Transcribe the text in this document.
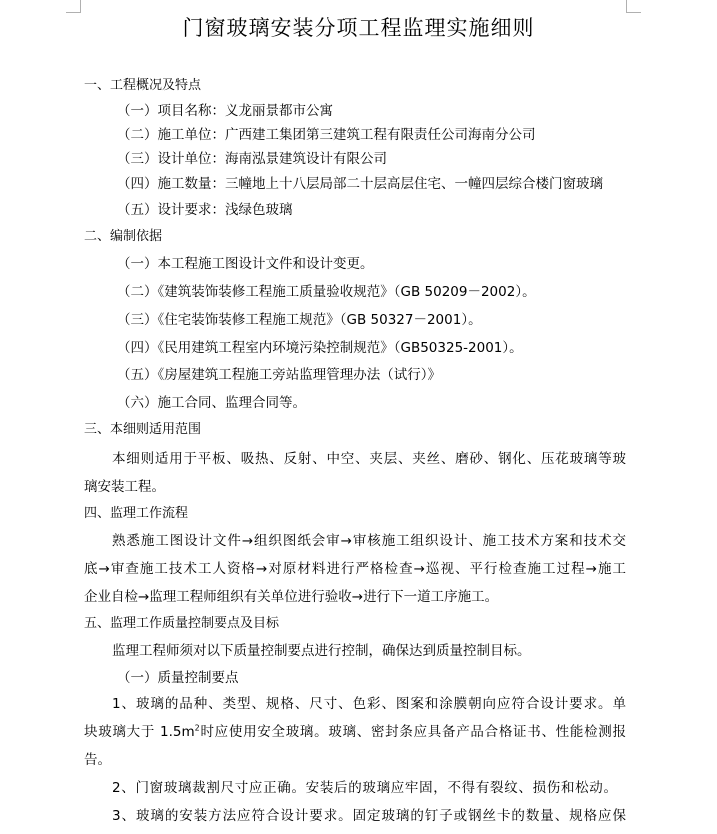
门窗玻璃安装分项工程监理实施细则
一、工程概况及特点
（一）项目名称：义龙丽景都市公寓
（二）施工单位：广西建工集团第三建筑工程有限责任公司海南分公司
（三）设计单位：海南泓景建筑设计有限公司
（四）施工数量：三幢地上十八层局部二十层高层住宅、一幢四层综合楼门窗玻璃
（五）设计要求：浅绿色玻璃
二、编制依据
（一）本工程施工图设计文件和设计变更。
（二）《建筑装饰装修工程施工质量验收规范》（GB 50209－2002）。
（三）《住宅装饰装修工程施工规范》（GB 50327－2001）。
（四）《民用建筑工程室内环境污染控制规范》（GB50325-2001）。
（五）《房屋建筑工程施工旁站监理管理办法（试行）》
（六）施工合同、监理合同等。
三、本细则适用范围
本细则适用于平板、吸热、反射、中空、夹层、夹丝、磨砂、钢化、压花玻璃等玻
璃安装工程。
四、监理工作流程
熟悉施工图设计文件→组织图纸会审→审核施工组织设计、施工技术方案和技术交
底→审查施工技术工人资格→对原材料进行严格检查→巡视、平行检查施工过程→施工
企业自检→监理工程师组织有关单位进行验收→进行下一道工序施工。
五、监理工作质量控制要点及目标
监理工程师须对以下质量控制要点进行控制，确保达到质量控制目标。
（一）质量控制要点
1、玻璃的品种、类型、规格、尺寸、色彩、图案和涂膜朝向应符合设计要求。单
块玻璃大于 $1.5m^2$时应使用安全玻璃。玻璃、密封条应具备产品合格证书、性能检测报
告。
2、门窗玻璃裁割尺寸应正确。安装后的玻璃应牢固，不得有裂纹、损伤和松动。
3、玻璃的安装方法应符合设计要求。固定玻璃的钉子或钢丝卡的数量、规格应保
